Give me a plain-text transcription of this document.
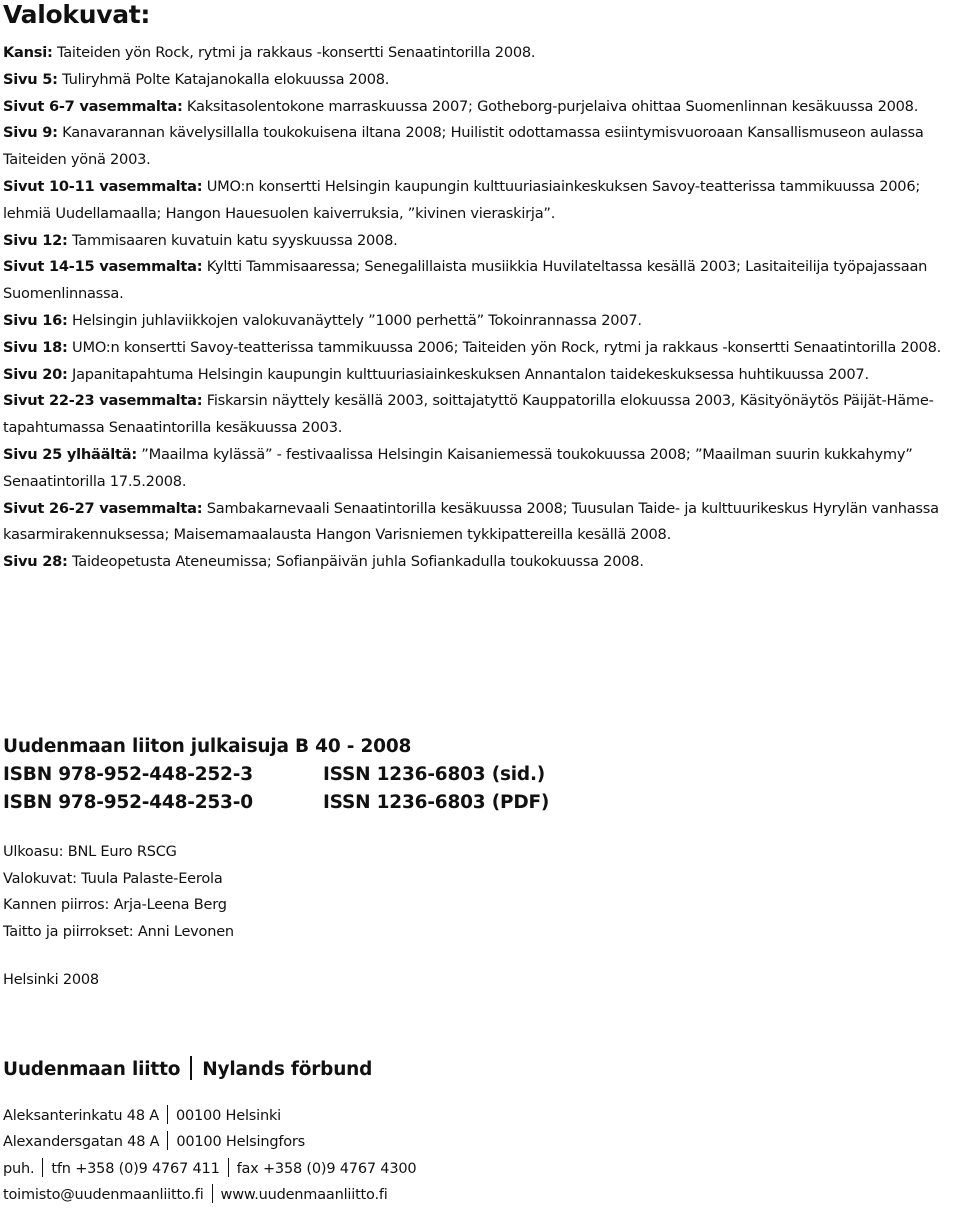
Valokuvat:

Kansi: Taiteiden yön Rock, rytmi ja rakkaus -konsertti Senaatintorilla 2008.

Sivu 5: Tuliryhmä Polte Katajanokalla elokuussa 2008.

Sivut 6-7 vasemmalta: Kaksitasolentokone marraskuussa 2007; Gotheborg-purjelaiva ohittaa Suomenlinnan kesäkuussa 2008.

Sivu 9: Kanavarannan kävelysillalla toukokuisena iltana 2008; Huilistit odottamassa esiintymisvuoroaan Kansallismuseon aulassa Taiteiden yönä 2003.

Sivut 10-11 vasemmalta: UMO:n konsertti Helsingin kaupungin kulttuuriasiainkeskuksen Savoy-teatterissa tammikuussa 2006; lehmiä Uudellamaalla; Hangon Hauesuolen kaiverruksia, ”kivinen vieraskirja”.

Sivu 12: Tammisaaren kuvatuin katu syyskuussa 2008.

Sivut 14-15 vasemmalta: Kyltti Tammisaaressa; Senegalillaista musiikkia Huvilateltassa kesällä 2003; Lasitaiteilija työpajassaan Suomenlinnassa.

Sivu 16: Helsingin juhlaviikkojen valokuvanäyttely ”1000 perhettä” Tokoinrannassa 2007.

Sivu 18: UMO:n konsertti Savoy-teatterissa tammikuussa 2006; Taiteiden yön Rock, rytmi ja rakkaus -konsertti Senaatintorilla 2008.

Sivu 20: Japanitapahtuma Helsingin kaupungin kulttuuriasiainkeskuksen Annantalon taidekeskuksessa huhtikuussa 2007.

Sivut 22-23 vasemmalta: Fiskarsin näyttely kesällä 2003, soittajatyttö Kauppatorilla elokuussa 2003, Käsityönäytös Päijät-Häme-tapahtumassa Senaatintorilla kesäkuussa 2003.

Sivu 25 ylhäältä: ”Maailma kylässä” - festivaalissa Helsingin Kaisaniemessä toukokuussa 2008; ”Maailman suurin kukkahymy” Senaatintorilla 17.5.2008.

Sivut 26-27 vasemmalta: Sambakarnevaali Senaatintorilla kesäkuussa 2008; Tuusulan Taide- ja kulttuurikeskus Hyrylän vanhassa kasarmirakennuksessa; Maisemamaalausta Hangon Varisniemen tykkipattereilla kesällä 2008.

Sivu 28: Taideopetusta Ateneumissa; Sofianpäivän juhla Sofiankadulla toukokuussa 2008.

Uudenmaan liiton julkaisuja B 40 - 2008
ISBN 978-952-448-252-3	ISSN 1236-6803 (sid.)
ISBN 978-952-448-253-0	ISSN 1236-6803 (PDF)
Ulkoasu: BNL Euro RSCG
Valokuvat: Tuula Palaste-Eerola
Kannen piirros: Arja-Leena Berg
Taitto ja piirrokset: Anni Levonen
Helsinki 2008
Uudenmaan liitto Nylands förbund
Aleksanterinkatu 48 A 00100 Helsinki
Alexandersgatan 48 A 00100 Helsingfors
puh. tfn +358 (0)9 4767 411 fax +358 (0)9 4767 4300
toimisto@uudenmaanliitto.fi www.uudenmaanliitto.fi
